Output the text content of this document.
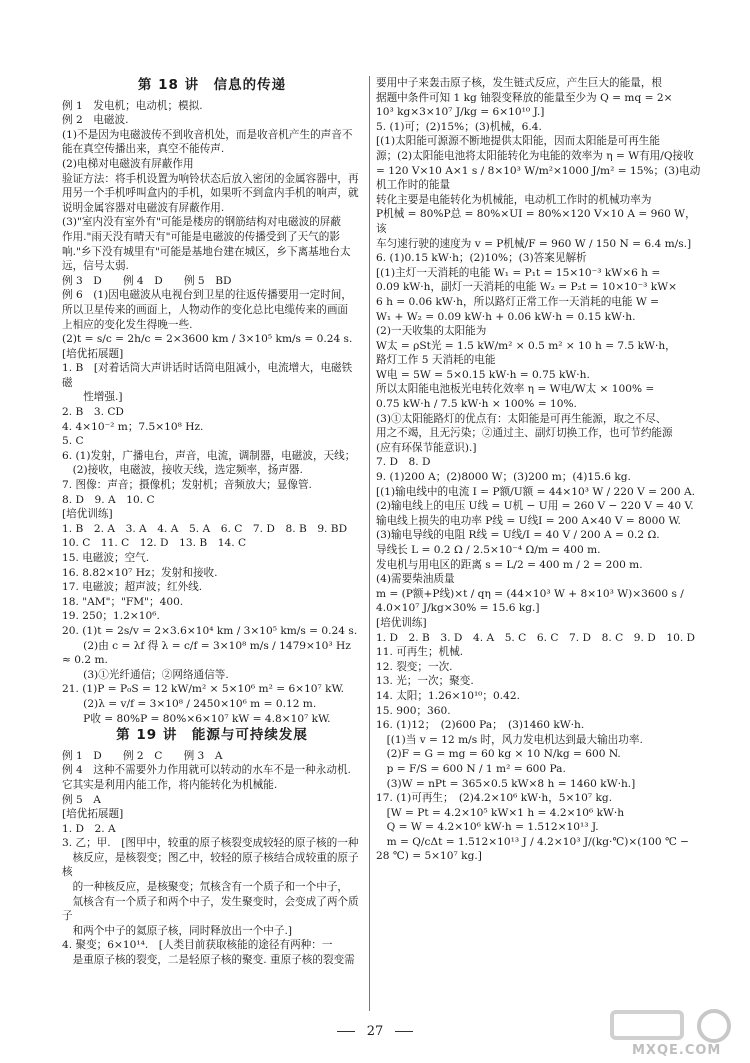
第 18 讲　信息的传递

例 1　发电机；电动机；模拟.

例 2　电磁波.

(1)不是因为电磁波传不到收音机处，而是收音机产生的声音不

能在真空传播出来，真空不能传声.

(2)电梯对电磁波有屏蔽作用

验证方法：将手机设置为响铃状态后放入密闭的金属容器中，再

用另一个手机呼叫盒内的手机，如果听不到盒内手机的响声，就

说明金属容器对电磁波有屏蔽作用.

(3)"室内没有室外有"可能是楼房的钢筋结构对电磁波的屏蔽

作用."雨天没有晴天有"可能是电磁波的传播受到了天气的影

响."乡下没有城里有"可能是基地台建在城区，乡下离基地台太

远，信号太弱.

例 3　D　　例 4　D　　例 5　BD

例 6　(1)因电磁波从电视台到卫星的往返传播要用一定时间，

所以卫星传来的画面上，人物动作的变化总比电缆传来的画面

上相应的变化发生得晚一些.

(2)t = s/c = 2h/c = 2×3600 km / 3×10⁵ km/s = 0.24 s.

[培优拓展题]

1. B　[对着话筒大声讲话时话筒电阻减小，电流增大，电磁铁磁

　　性增强.]

2. B　3. CD

4. 4×10⁻² m；7.5×10⁸ Hz.

5. C

6. (1)发射，广播电台，声音，电流，调制器，电磁波，天线；

　(2)接收，电磁波，接收天线，选定频率，扬声器.

7. 图像：声音；摄像机；发射机；音频放大；显像管.

8. D　9. A　10. C

[培优训练]

1. B　2. A　3. A　4. A　5. A　6. C　7. D　8. B　9. BD

10. C　11. C　12. D　13. B　14. C

15. 电磁波；空气.

16. 8.82×10⁷ Hz；发射和接收.

17. 电磁波；超声波；红外线.

18. "AM"；"FM"；400.

19. 250；1.2×10⁶.

20. (1)t = 2s/v = 2×3.6×10⁴ km / 3×10⁵ km/s = 0.24 s.

　　(2)由 c = λf 得 λ = c/f = 3×10⁸ m/s / 1479×10³ Hz ≈ 0.2 m.

　　(3)①光纤通信；②网络通信等.

21. (1)P = P₀S = 12 kW/m² × 5×10⁶ m² = 6×10⁷ kW.

　　(2)λ = v/f = 3×10⁸ / 2450×10⁶ m = 0.12 m.

　　P收 = 80%P = 80%×6×10⁷ kW = 4.8×10⁷ kW.

第 19 讲　能源与可持续发展

例 1　D　　例 2　C　　例 3　A

例 4　这种不需要外力作用就可以转动的水车不是一种永动机.

它其实是利用内能工作，将内能转化为机械能.

例 5　A

[培优拓展题]

1. D　2. A

3. 乙；甲.　[图甲中，较重的原子核裂变成较轻的原子核的一种

　核反应，是核裂变；图乙中，较轻的原子核结合成较重的原子核

　的一种核反应，是核聚变；氘核含有一个质子和一个中子，

　氚核含有一个质子和两个中子，发生聚变时，会变成了两个质子

　和两个中子的氦原子核，同时释放出一个中子.]

4. 聚变；6×10¹⁴.　[人类目前获取核能的途径有两种：一

　是重原子核的裂变，二是轻原子核的聚变. 重原子核的裂变需

要用中子来轰击原子核，发生链式反应，产生巨大的能量，根

据题中条件可知 1 kg 铀裂变释放的能量至少为 Q = mq = 2×

10³ kg×3×10⁷ J/kg = 6×10¹⁰ J.]

5. (1)可；(2)15%；(3)机械，6.4.

[(1)太阳能可源源不断地提供太阳能，因而太阳能是可再生能

源；(2)太阳能电池将太阳能转化为电能的效率为 η = W有用/Q接收

= 120 V×10 A×1 s / 8×10³ W/m²×1000 J/m² = 15%；(3)电动机工作时的能量

转化主要是电能转化为机械能，电动机工作时的机械功率为

P机械 = 80%P总 = 80%×UI = 80%×120 V×10 A = 960 W，该

车匀速行驶的速度为 v = P机械/F = 960 W / 150 N = 6.4 m/s.]

6. (1)0.15 kW·h；(2)10%；(3)答案见解析

[(1)主灯一天消耗的电能 W₁ = P₁t = 15×10⁻³ kW×6 h =

0.09 kW·h，副灯一天消耗的电能 W₂ = P₂t = 10×10⁻³ kW×

6 h = 0.06 kW·h，所以路灯正常工作一天消耗的电能 W =

W₁ + W₂ = 0.09 kW·h + 0.06 kW·h = 0.15 kW·h.

(2)一天收集的太阳能为

W太 = ρSt光 = 1.5 kW/m² × 0.5 m² × 10 h = 7.5 kW·h，

路灯工作 5 天消耗的电能

W电 = 5W = 5×0.15 kW·h = 0.75 kW·h.

所以太阳能电池板光电转化效率 η = W电/W太 × 100% =

0.75 kW·h / 7.5 kW·h × 100% = 10%.

(3)①太阳能路灯的优点有：太阳能是可再生能源，取之不尽、

用之不竭，且无污染；②通过主、副灯切换工作，也可节约能源

(应有环保节能意识).]

7. D　8. D

9. (1)200 A；(2)8000 W；(3)200 m；(4)15.6 kg.

[(1)输电线中的电流 I = P额/U额 = 44×10³ W / 220 V = 200 A.

(2)输电线上的电压 U线 = U机 − U用 = 260 V − 220 V = 40 V.

输电线上损失的电功率 P线 = U线I = 200 A×40 V = 8000 W.

(3)输电导线的电阻 R线 = U线/I = 40 V / 200 A = 0.2 Ω.

导线长 L = 0.2 Ω / 2.5×10⁻⁴ Ω/m = 400 m.

发电机与用电区的距离 s = L/2 = 400 m / 2 = 200 m.

(4)需要柴油质量

m = (P额+P线)×t / qη = (44×10³ W + 8×10³ W)×3600 s / 4.0×10⁷ J/kg×30% = 15.6 kg.]

[培优训练]

1. D　2. B　3. D　4. A　5. C　6. C　7. D　8. C　9. D　10. D

11. 可再生；机械.

12. 裂变；一次.

13. 光；一次；聚变.

14. 太阳；1.26×10¹⁰；0.42.

15. 900；360.

16. (1)12；　(2)600 Pa；　(3)1460 kW·h.

　[(1)当 v = 12 m/s 时，风力发电机达到最大输出功率.

　(2)F = G = mg = 60 kg × 10 N/kg = 600 N.

　p = F/S = 600 N / 1 m² = 600 Pa.

　(3)W = nPt = 365×0.5 kW×8 h = 1460 kW·h.]

17. (1)可再生；　(2)4.2×10⁶ kW·h，5×10⁷ kg.

　[W = Pt = 4.2×10⁵ kW×1 h = 4.2×10⁶ kW·h

　Q = W = 4.2×10⁶ kW·h = 1.512×10¹³ J.

　m = Q/cΔt = 1.512×10¹³ J / 4.2×10³ J/(kg·℃)×(100 ℃ − 28 ℃) = 5×10⁷ kg.]

27
MXQE.COM
